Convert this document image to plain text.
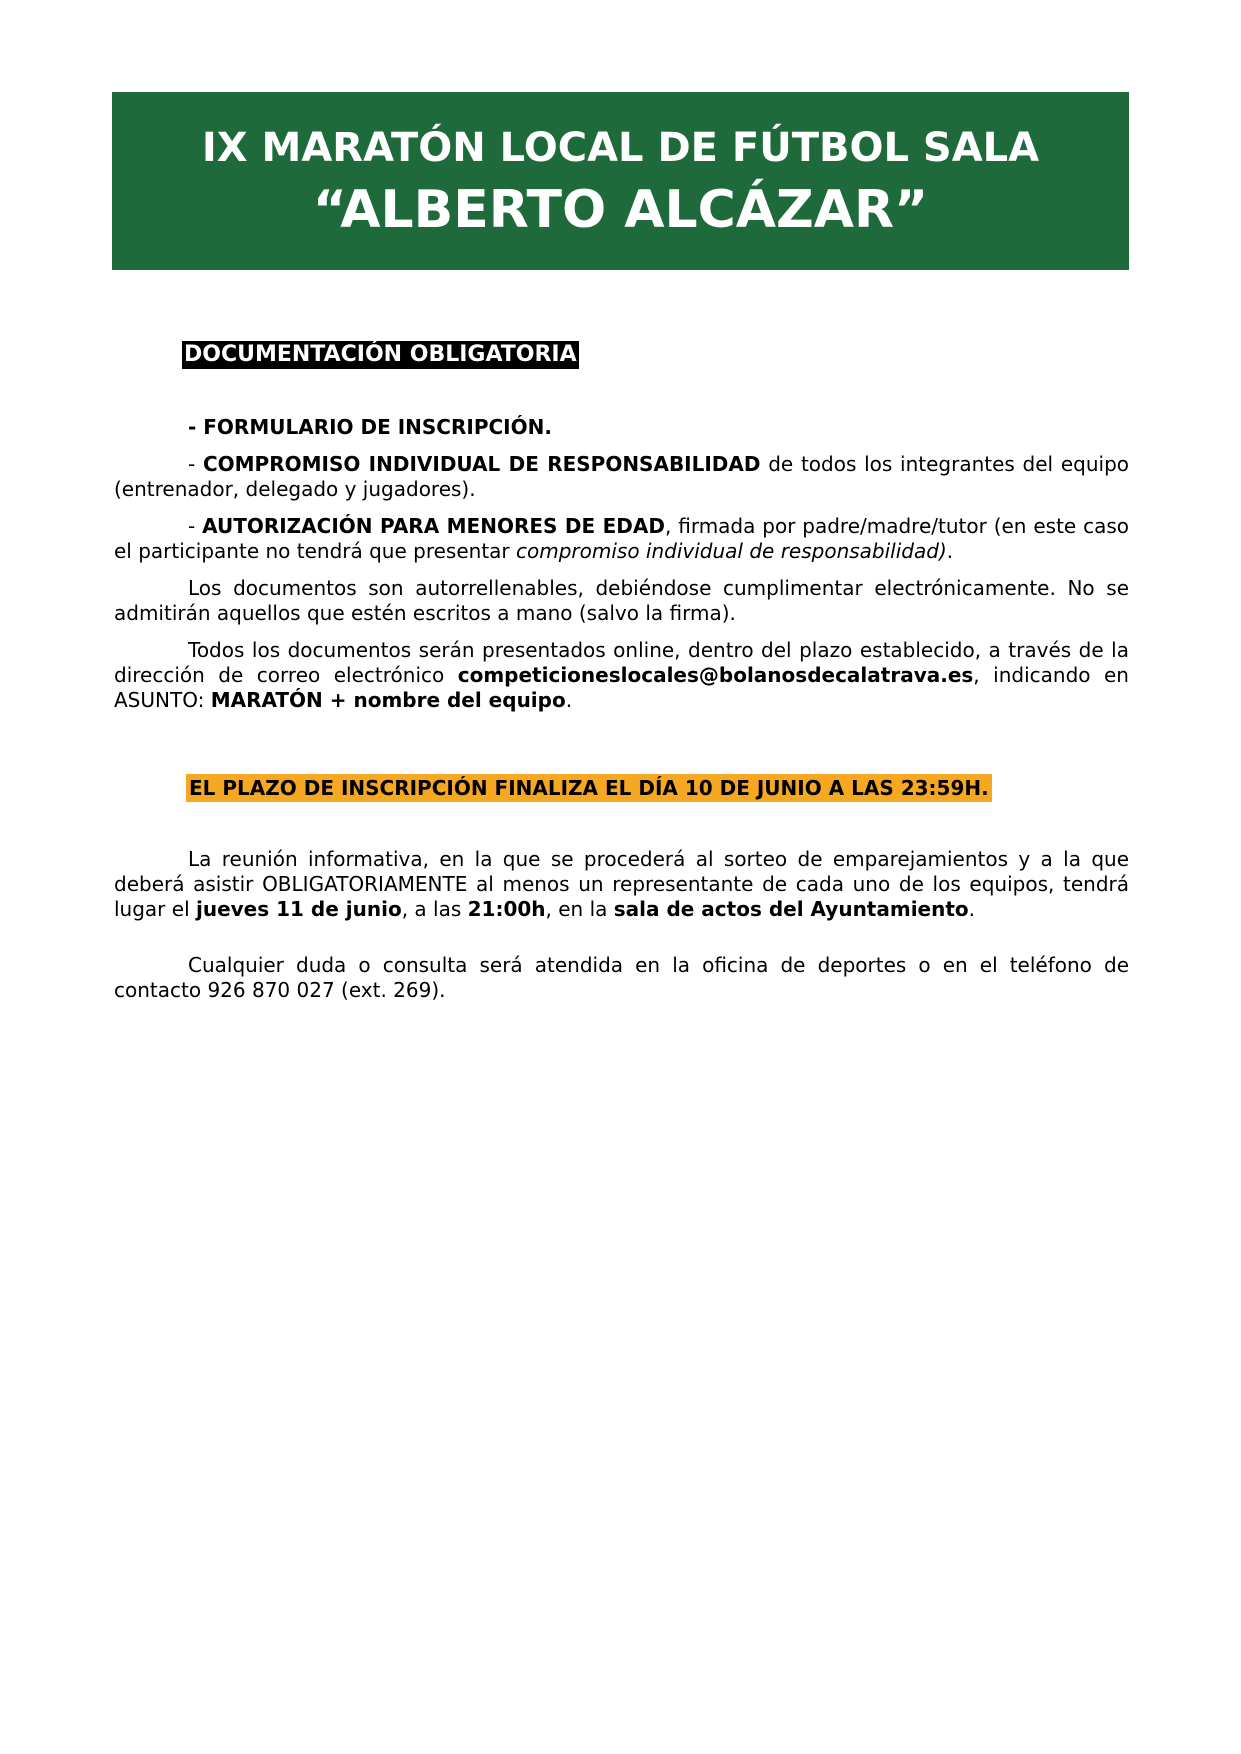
IX MARATÓN LOCAL DE FÚTBOL SALA
“ALBERTO ALCÁZAR”
DOCUMENTACIÓN OBLIGATORIA

- FORMULARIO DE INSCRIPCIÓN.

- COMPROMISO INDIVIDUAL DE RESPONSABILIDAD de todos los integrantes del equipo (entrenador, delegado y jugadores).

- AUTORIZACIÓN PARA MENORES DE EDAD, firmada por padre/madre/tutor (en este caso el participante no tendrá que presentar compromiso individual de responsabilidad).

Los documentos son autorrellenables, debiéndose cumplimentar electrónicamente. No se admitirán aquellos que estén escritos a mano (salvo la firma).

Todos los documentos serán presentados online, dentro del plazo establecido, a través de la dirección de correo electrónico competicioneslocales@bolanosdecalatrava.es, indicando en ASUNTO: MARATÓN + nombre del equipo.

EL PLAZO DE INSCRIPCIÓN FINALIZA EL DÍA 10 DE JUNIO A LAS 23:59H.

La reunión informativa, en la que se procederá al sorteo de emparejamientos y a la que deberá asistir OBLIGATORIAMENTE al menos un representante de cada uno de los equipos, tendrá lugar el jueves 11 de junio, a las 21:00h, en la sala de actos del Ayuntamiento.

Cualquier duda o consulta será atendida en la oficina de deportes o en el teléfono de contacto 926 870 027 (ext. 269).
